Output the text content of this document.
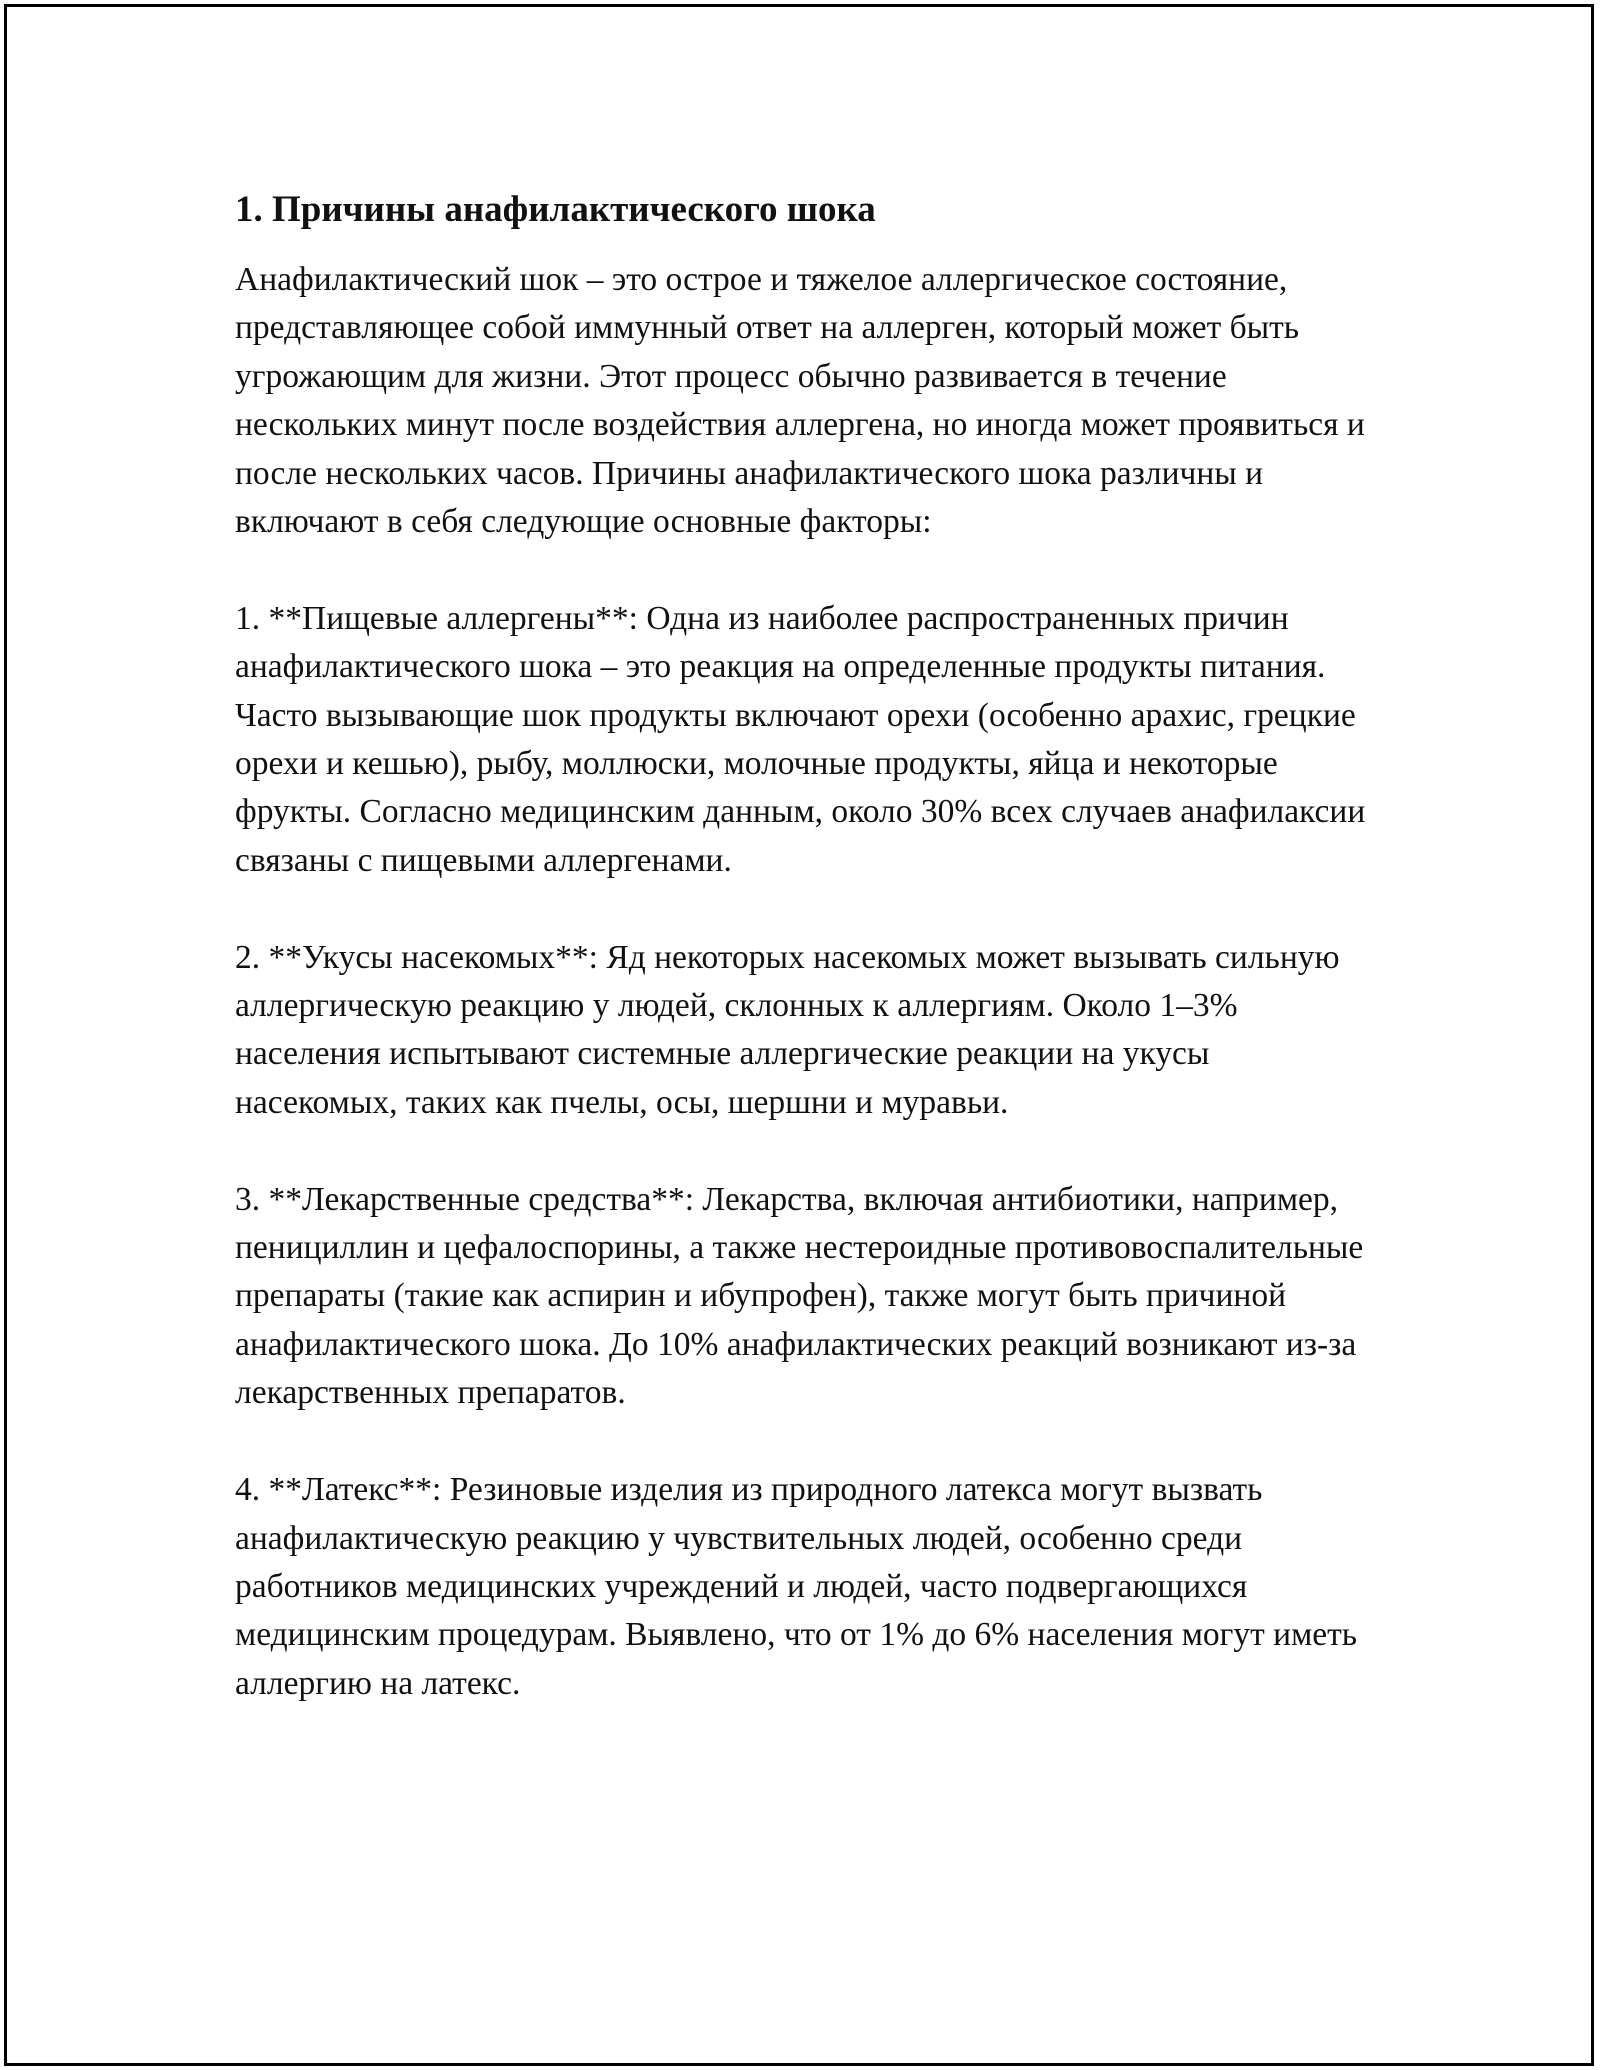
1. Причины анафилактического шока

Анафилактический шок – это острое и тяжелое аллергическое состояние, представляющее собой иммунный ответ на аллерген, который может быть угрожающим для жизни. Этот процесс обычно развивается в течение нескольких минут после воздействия аллергена, но иногда может проявиться и после нескольких часов. Причины анафилактического шока различны и включают в себя следующие основные факторы:

1. **Пищевые аллергены**: Одна из наиболее распространенных причин анафилактического шока – это реакция на определенные продукты питания. Часто вызывающие шок продукты включают орехи (особенно арахис, грецкие орехи и кешью), рыбу, моллюски, молочные продукты, яйца и некоторые фрукты. Согласно медицинским данным, около 30% всех случаев анафилаксии связаны с пищевыми аллергенами.

2. **Укусы насекомых**: Яд некоторых насекомых может вызывать сильную аллергическую реакцию у людей, склонных к аллергиям. Около 1–3% населения испытывают системные аллергические реакции на укусы насекомых, таких как пчелы, осы, шершни и муравьи.

3. **Лекарственные средства**: Лекарства, включая антибиотики, например, пенициллин и цефалоспорины, а также нестероидные противовоспалительные препараты (такие как аспирин и ибупрофен), также могут быть причиной анафилактического шока. До 10% анафилактических реакций возникают из-за лекарственных препаратов.

4. **Латекс**: Резиновые изделия из природного латекса могут вызвать анафилактическую реакцию у чувствительных людей, особенно среди работников медицинских учреждений и людей, часто подвергающихся медицинским процедурам. Выявлено, что от 1% до 6% населения могут иметь аллергию на латекс.
